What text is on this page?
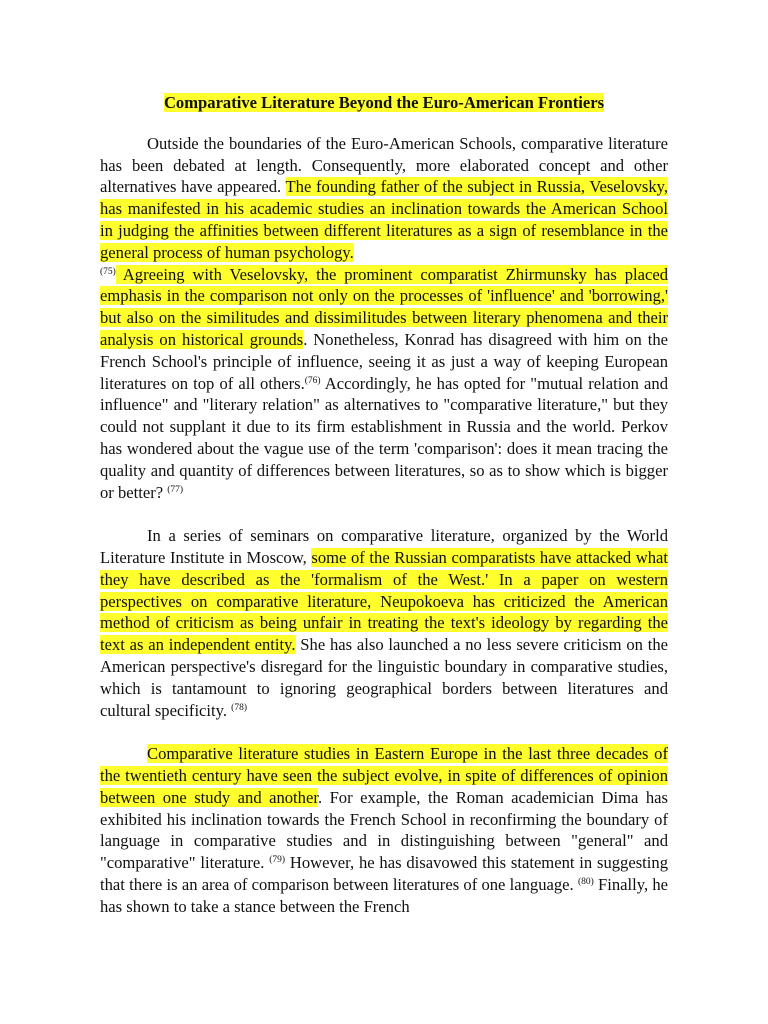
Comparative Literature Beyond the Euro-American Frontiers

Outside the boundaries of the Euro-American Schools, comparative literature has been debated at length. Consequently, more elaborated concept and other alternatives have appeared. The founding father of the subject in Russia, Veselovsky, has manifested in his academic studies an inclination towards the American School in judging the affinities between different literatures as a sign of resemblance in the general process of human psychology.
$^{(75)}$ Agreeing with Veselovsky, the prominent comparatist Zhirmunsky has placed emphasis in the comparison not only on the processes of 'influence' and 'borrowing,' but also on the similitudes and dissimilitudes between literary phenomena and their analysis on historical grounds. Nonetheless, Konrad has disagreed with him on the French School's principle of influence, seeing it as just a way of keeping European literatures on top of all others.$^{(76)}$ Accordingly, he has opted for "mutual relation and influence" and "literary relation" as alternatives to "comparative literature," but they could not supplant it due to its firm establishment in Russia and the world. Perkov has wondered about the vague use of the term 'comparison': does it mean tracing the quality and quantity of differences between literatures, so as to show which is bigger or better? $^{(77)}$

In a series of seminars on comparative literature, organized by the World Literature Institute in Moscow, some of the Russian comparatists have attacked what they have described as the 'formalism of the West.' In a paper on western perspectives on comparative literature, Neupokoeva has criticized the American method of criticism as being unfair in treating the text's ideology by regarding the text as an independent entity. She has also launched a no less severe criticism on the American perspective's disregard for the linguistic boundary in comparative studies, which is tantamount to ignoring geographical borders between literatures and cultural specificity. $^{(78)}$

Comparative literature studies in Eastern Europe in the last three decades of the twentieth century have seen the subject evolve, in spite of differences of opinion between one study and another. For example, the Roman academician Dima has exhibited his inclination towards the French School in reconfirming the boundary of language in comparative studies and in distinguishing between "general" and "comparative" literature. $^{(79)}$ However, he has disavowed this statement in suggesting that there is an area of comparison between literatures of one language. $^{(80)}$ Finally, he has shown to take a stance between the French
